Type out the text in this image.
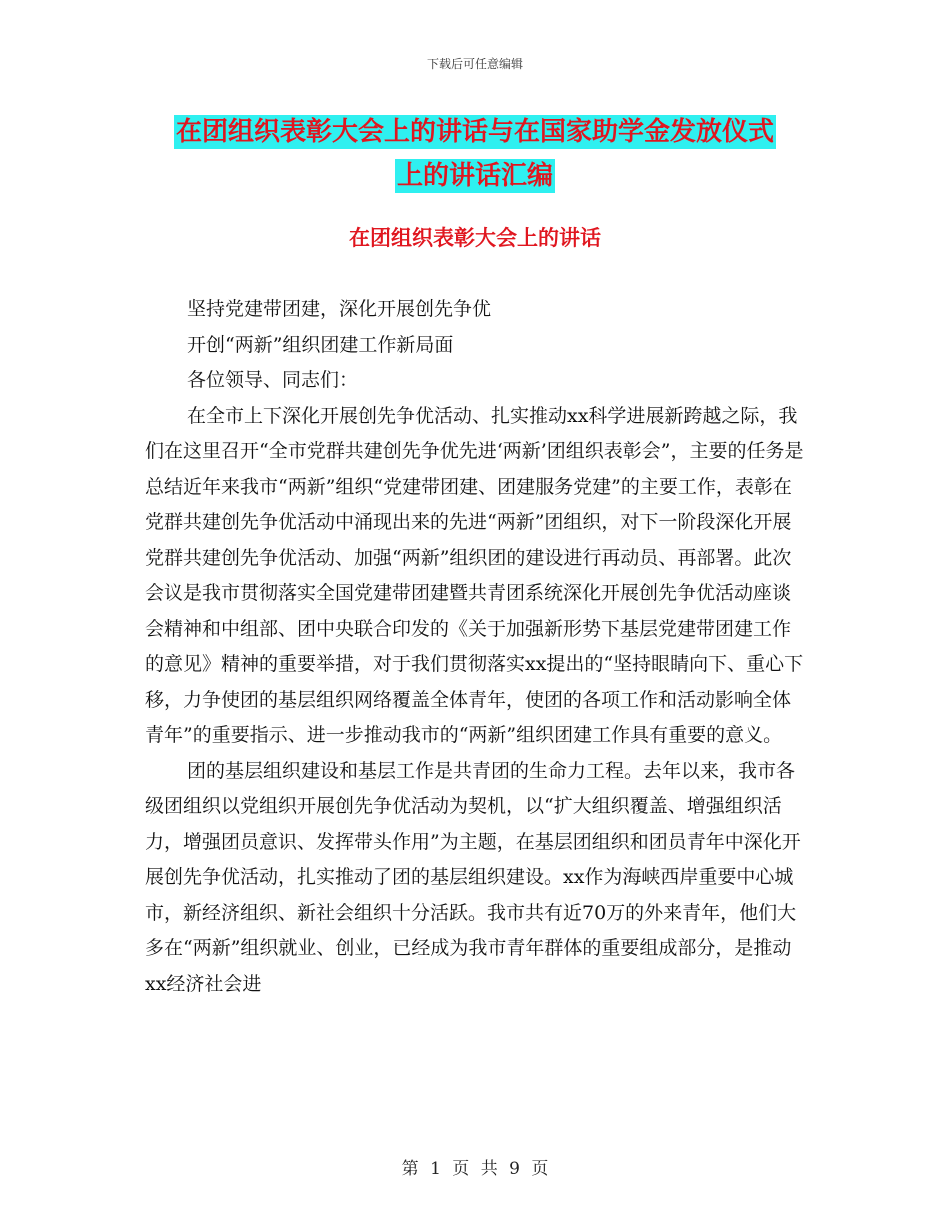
下载后可任意编辑
在团组织表彰大会上的讲话与在国家助学金发放仪式
上的讲话汇编
在团组织表彰大会上的讲话

坚持党建带团建，深化开展创先争优

开创“两新”组织团建工作新局面

各位领导、同志们：

在全市上下深化开展创先争优活动、扎实推动xx科学进展新跨越之际，我们在这里召开“全市党群共建创先争优先进‘两新’团组织表彰会”，主要的任务是总结近年来我市“两新”组织“党建带团建、团建服务党建”的主要工作，表彰在党群共建创先争优活动中涌现出来的先进“两新”团组织，对下一阶段深化开展党群共建创先争优活动、加强“两新”组织团的建设进行再动员、再部署。此次会议是我市贯彻落实全国党建带团建暨共青团系统深化开展创先争优活动座谈会精神和中组部、团中央联合印发的《关于加强新形势下基层党建带团建工作的意见》精神的重要举措，对于我们贯彻落实xx提出的“坚持眼睛向下、重心下移，力争使团的基层组织网络覆盖全体青年，使团的各项工作和活动影响全体青年”的重要指示、进一步推动我市的“两新”组织团建工作具有重要的意义。

团的基层组织建设和基层工作是共青团的生命力工程。去年以来，我市各级团组织以党组织开展创先争优活动为契机，以“扩大组织覆盖、增强组织活力，增强团员意识、发挥带头作用”为主题，在基层团组织和团员青年中深化开展创先争优活动，扎实推动了团的基层组织建设。xx作为海峡西岸重要中心城市，新经济组织、新社会组织十分活跃。我市共有近70万的外来青年，他们大多在“两新”组织就业、创业，已经成为我市青年群体的重要组成部分，是推动xx经济社会进

第 1 页 共 9 页
